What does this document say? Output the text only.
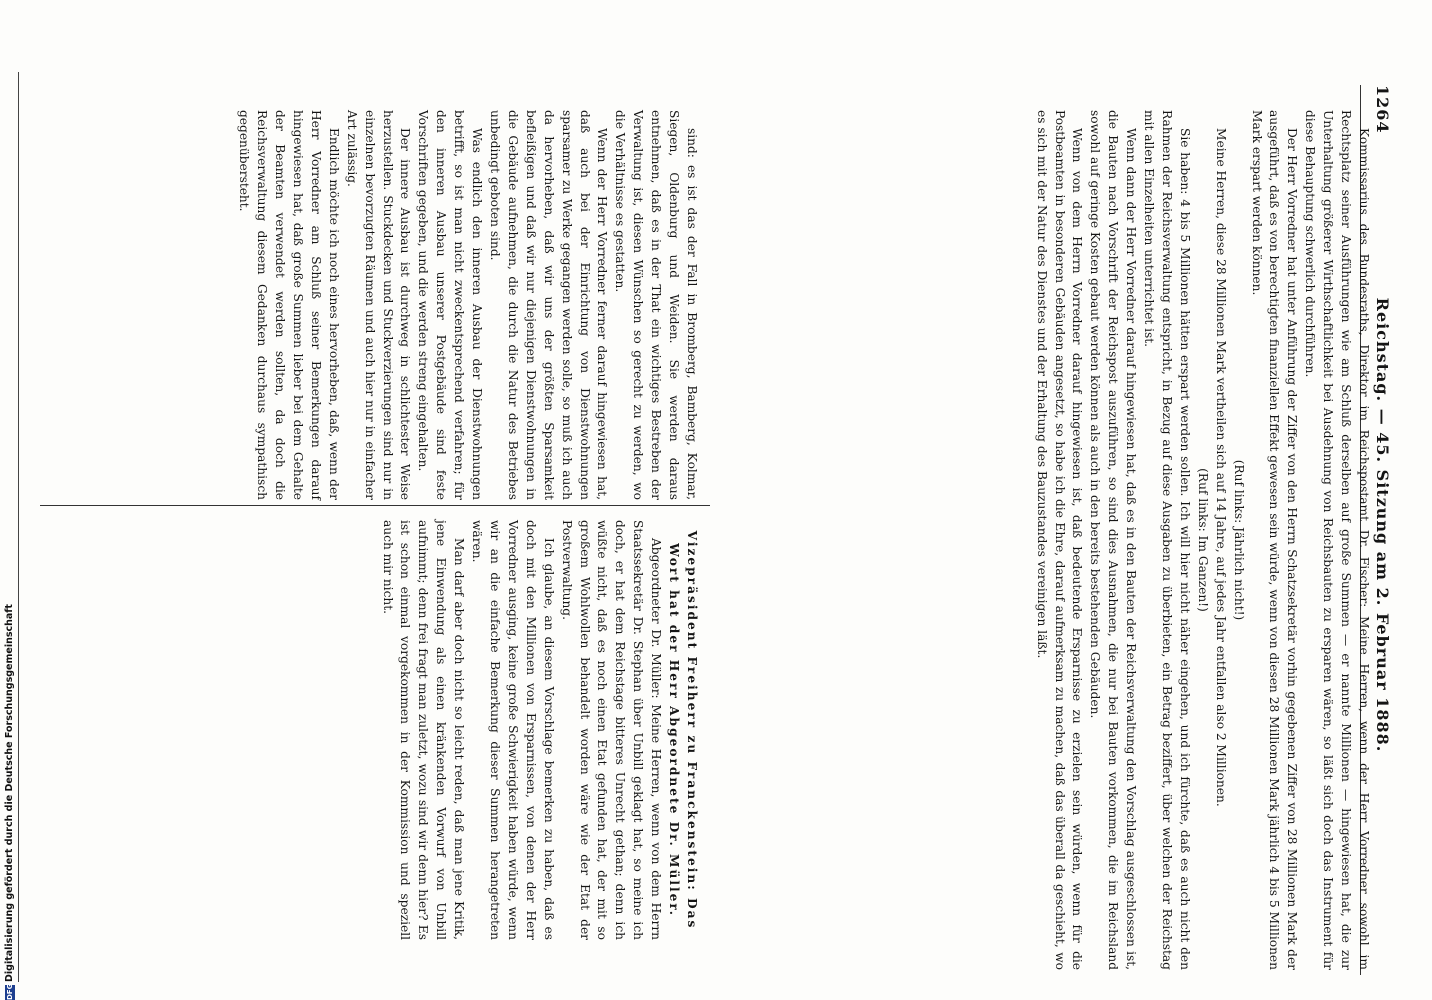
1264
Reichstag. — 45. Sitzung am 2. Februar 1888.

Kommissarius des Bundesraths, Direktor im Reichspostamt Dr. Fischer: Meine Herren, wenn der Herr Vorredner sowohl im Rechtsplatz seiner Ausführungen wie am Schluß derselben auf große Summen — er nannte Millionen — hingewiesen hat, die zur Unterhaltung größerer Wirthschaftlichkeit bei Ausdehnung von Reichsbauten zu ersparen wären, so läßt sich doch das Instrument für diese Behauptung schwerlich durchführen.

Der Herr Vorredner hat unter Anführung der Ziffer von den Herrn Schatzsekretär vorhin gegebenen Ziffer von 28 Millionen Mark der ausgeführt, daß es von berechtigten finanziellen Effekt gewesen sein würde, wenn von diesen 28 Millionen Mark jährlich 4 bis 5 Millionen Mark erspart werden können.

(Ruf links: Jährlich nicht!)

Meine Herren, diese 28 Millionen Mark vertheilen sich auf 14 Jahre, auf jedes Jahr entfallen also 2 Millionen.

(Ruf links: Im Ganzen!)

Sie haben: 4 bis 5 Millionen hätten erspart werden sollen. Ich will hier nicht näher eingehen, und ich fürchte, daß es auch nicht den Rahmen der Reichsverwaltung entspricht, in Bezug auf diese Ausgaben zu überbieten, ein Betrag beziffert, über welchen der Reichstag mit allen Einzelheiten unterrichtet ist.

Wenn dann der Herr Vorredner darauf hingewiesen hat, daß es in den Bauten der Reichsverwaltung den Vorschlag ausgeschlossen ist, die Bauten nach Vorschrift der Reichspost auszuführen, so sind dies Ausnahmen, die nur bei Bauten vorkommen, die im Reichsland sowohl auf geringe Kosten gebaut werden können als auch in den bereits bestehenden Gebäuden.

Wenn von dem Herrn Vorredner darauf hingewiesen ist, daß bedeutende Ersparnisse zu erzielen sein würden, wenn für die Postbeamten in besonderen Gebäuden angesetzt, so habe ich die Ehre, darauf aufmerksam zu machen, daß das überall da geschieht, wo es sich mit der Natur des Dienstes und der Erhaltung des Bauzustandes vereinigen läßt.

sind: es ist das der Fall in Bromberg, Bamberg, Kolmar, Siegen, Oldenburg und Weiden. Sie werden daraus entnehmen, daß es in der That ein wichtiges Bestreben der Verwaltung ist, diesen Wünschen so gerecht zu werden, wo die Verhältnisse es gestatten.

Wenn der Herr Vorredner ferner darauf hingewiesen hat, daß auch bei der Einrichtung von Dienstwohnungen sparsamer zu Werke gegangen werden solle, so muß ich auch da hervorheben, daß wir uns der größten Sparsamkeit befleißigen und daß wir nur diejenigen Dienstwohnungen in die Gebäude aufnehmen, die durch die Natur des Betriebes unbedingt geboten sind.

Was endlich den inneren Ausbau der Dienstwohnungen betrifft, so ist man nicht zweckentsprechend verfahren; für den inneren Ausbau unserer Postgebäude sind feste Vorschriften gegeben, und die werden streng eingehalten.

Der innere Ausbau ist durchweg in schlichtester Weise herzustellen. Stuckdecken und Stuckverzierungen sind nur in einzelnen bevorzugten Räumen und auch hier nur in einfacher Art zulässig.

Endlich möchte ich noch eines hervorheben, daß, wenn der Herr Vorredner am Schluß seiner Bemerkungen darauf hingewiesen hat, daß große Summen lieber bei dem Gehalte der Beamten verwendet werden sollten, da doch die Reichsverwaltung diesem Gedanken durchaus sympathisch gegenübersteht.

Vizepräsident Freiherr zu Franckenstein: Das Wort hat der Herr Abgeordnete Dr. Müller.

Abgeordneter Dr. Müller: Meine Herren, wenn von dem Herrn Staatssekretär Dr. Stephan über Unbill geklagt hat, so meine ich doch, er hat dem Reichstage bitteres Unrecht gethan; denn ich wüßte nicht, daß es noch einen Etat gefunden hat, der mit so großem Wohlwollen behandelt worden wäre wie der Etat der Postverwaltung.

Ich glaube, an diesem Vorschlage bemerken zu haben, daß es doch mit den Millionen von Ersparnissen, von denen der Herr Vorredner ausging, keine große Schwierigkeit haben würde, wenn wir an die einfache Bemerkung dieser Summen herangetreten wären.

Man darf aber doch nicht so leicht reden, daß man jene Kritik, jene Einwendung als einen kränkenden Vorwurf von Unbill aufnimmt; denn frei fragt man zuletzt, wozu sind wir denn hier? Es ist schon einmal vorgekommen in der Kommission und speziell auch mir nicht.

DFGDigitalisierung gefördert durch die Deutsche Forschungsgemeinschaft
